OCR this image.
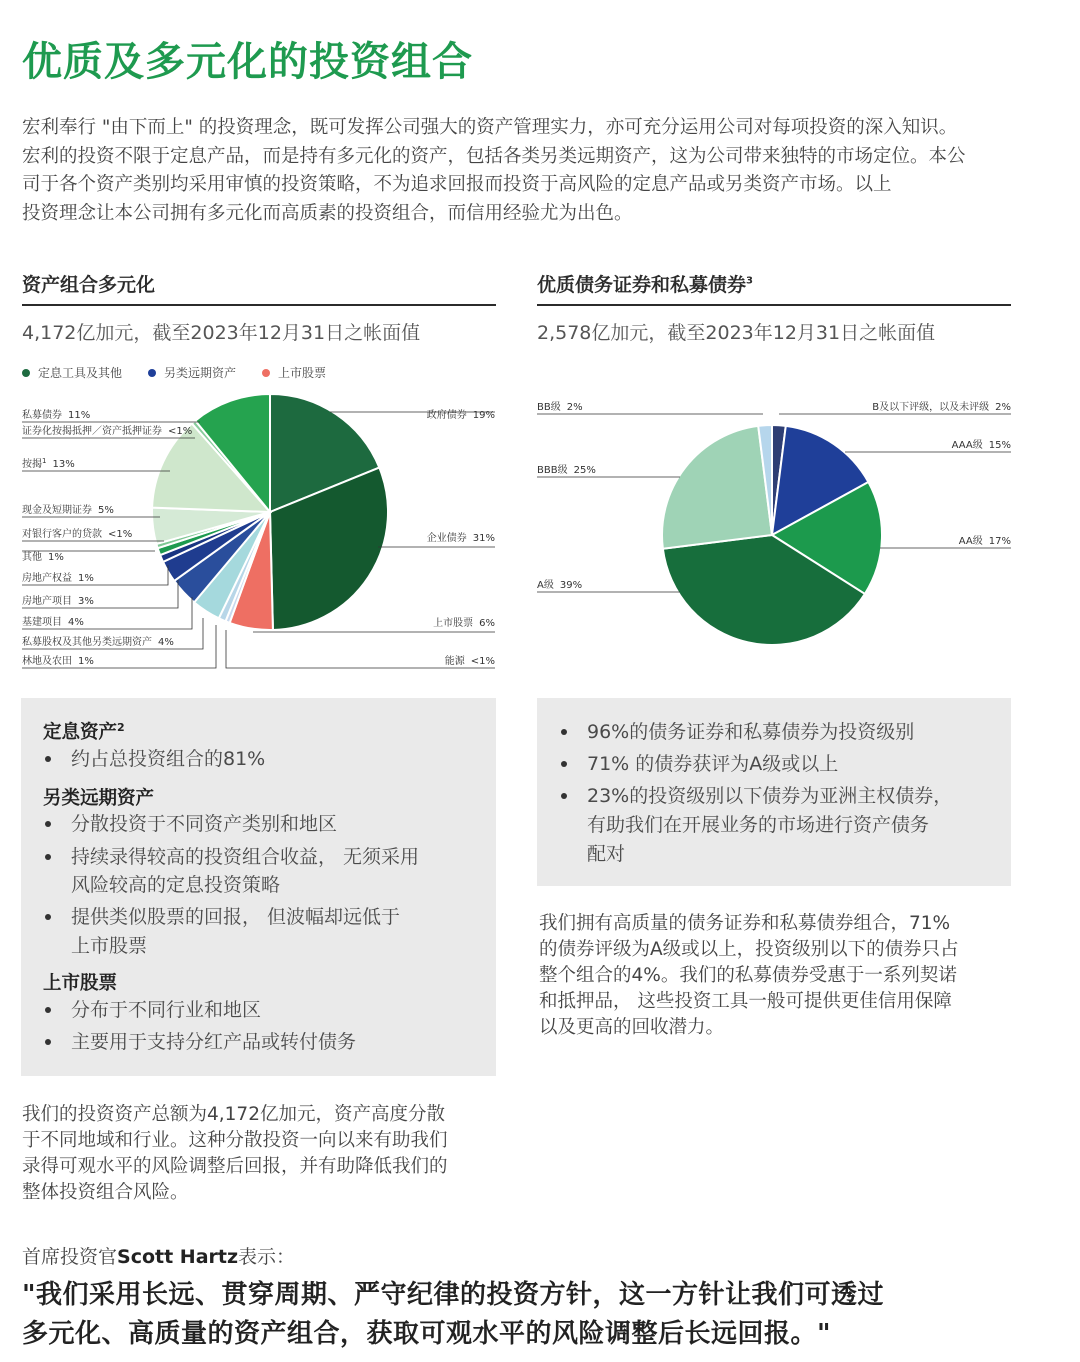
优质及多元化的投资组合
宏利奉行 "由下而上" 的投资理念，既可发挥公司强大的资产管理实力，亦可充分运用公司对每项投资的深入知识。
宏利的投资不限于定息产品，而是持有多元化的资产，包括各类另类远期资产，这为公司带来独特的市场定位。本公
司于各个资产类别均采用审慎的投资策略，不为追求回报而投资于高风险的定息产品或另类资产市场。以上
投资理念让本公司拥有多元化而高质素的投资组合，而信用经验尤为出色。
资产组合多元化
4,172亿加元，截至2023年12月31日之帐面值
优质债务证券和私募债券$^3$
2,578亿加元，截至2023年12月31日之帐面值
定息工具及其他	另类远期资产	上市股票
政府债券 19%
企业债券 31%
上市股票 6%
能源 <1%
林地及农田 1%
私募股权及其他另类远期资产 4%
基建项目 4%
房地产项目 3%
房地产权益 1%
其他 1%
对银行客户的贷款 <1%
现金及短期证券 5%
按揭$^1$ 13%
证券化按揭抵押／资产抵押证券 <1%
私募债券 11%
B及以下评级，以及未评级 2%
AAA级 15%
AA级 17%
A级 39%
BBB级 25%
BB级 2%
定息资产$^2$
约占总投资组合的81%
另类远期资产
分散投资于不同资产类别和地区
持续录得较高的投资组合收益， 无须采用
风险较高的定息投资策略
提供类似股票的回报， 但波幅却远低于
上市股票
上市股票
分布于不同行业和地区
主要用于支持分红产品或转付债务
96%的债务证券和私募债券为投资级别
71% 的债券获评为A级或以上
23%的投资级别以下债券为亚洲主权债券，
有助我们在开展业务的市场进行资产债务
配对
我们拥有高质量的债务证券和私募债券组合，71%
的债券评级为A级或以上，投资级别以下的债券只占
整个组合的4%。我们的私募债券受惠于一系列契诺
和抵押品， 这些投资工具一般可提供更佳信用保障
以及更高的回收潜力。
我们的投资资产总额为4,172亿加元，资产高度分散
于不同地域和行业。这种分散投资一向以来有助我们
录得可观水平的风险调整后回报，并有助降低我们的
整体投资组合风险。
首席投资官Scott Hartz表示：
"我们采用长远、贯穿周期、严守纪律的投资方针，这一方针让我们可透过
多元化、高质量的资产组合，获取可观水平的风险调整后长远回报。"
